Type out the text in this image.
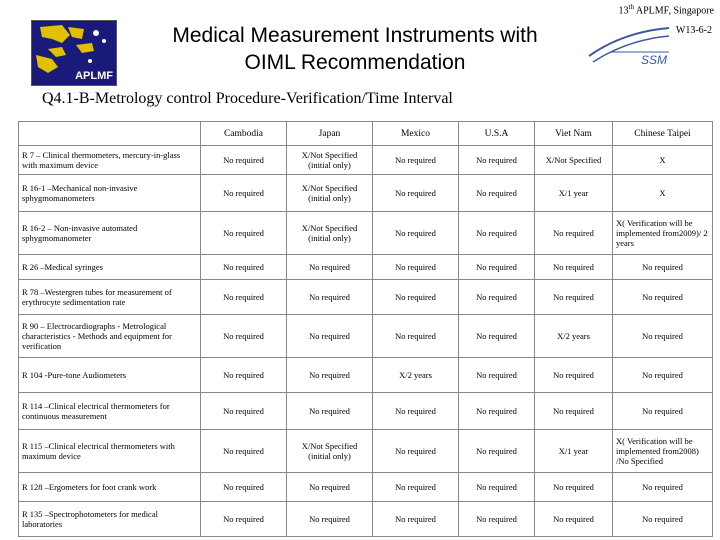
13th APLMF, Singapore
W13-6-2
APLMF
Medical Measurement Instruments with
OIML Recommendation	SSM
Q4.1-B-Metrology control Procedure-Verification/Time Interval
	Cambodia	Japan	Mexico	U.S.A	Viet Nam	Chinese Taipei
R 7 – Clinical thermometers, mercury-in-glass with maximum device	No required	X/Not Specified (initial only)	No required	No required	X/Not Specified	X
R 16-1 –Mechanical non-invasive sphygmomanometers	No required	X/Not Specified (initial only)	No required	No required	X/1 year	X
R 16-2 – Non-invasive automated sphygmomanometer	No required	X/Not Specified (initial only)	No required	No required	No required	X( Verification will be implemented from2009)/ 2 years
R 26 –Medical syringes	No required	No required	No required	No required	No required	No required
R 78 –Westergren tubes for measurement of erythrocyte sedimentation rate	No required	No required	No required	No required	No required	No required
R 90 – Electrocardiographs - Metrological characteristics - Methods and equipment for verification	No required	No required	No required	No required	X/2 years	No required
R 104 -Pure-tone Audiometers	No required	No required	X/2 years	No required	No required	No required
R 114 –Clinical electrical thermometers for continuous measurement	No required	No required	No required	No required	No required	No required
R 115 –Clinical electrical thermometers with maximum device	No required	X/Not Specified (initial only)	No required	No required	X/1 year	X( Verification will be implemented from2008) /No Specified
R 128 –Ergometers for foot crank work	No required	No required	No required	No required	No required	No required
R 135 –Spectrophotometers for medical laboratories	No required	No required	No required	No required	No required	No required
